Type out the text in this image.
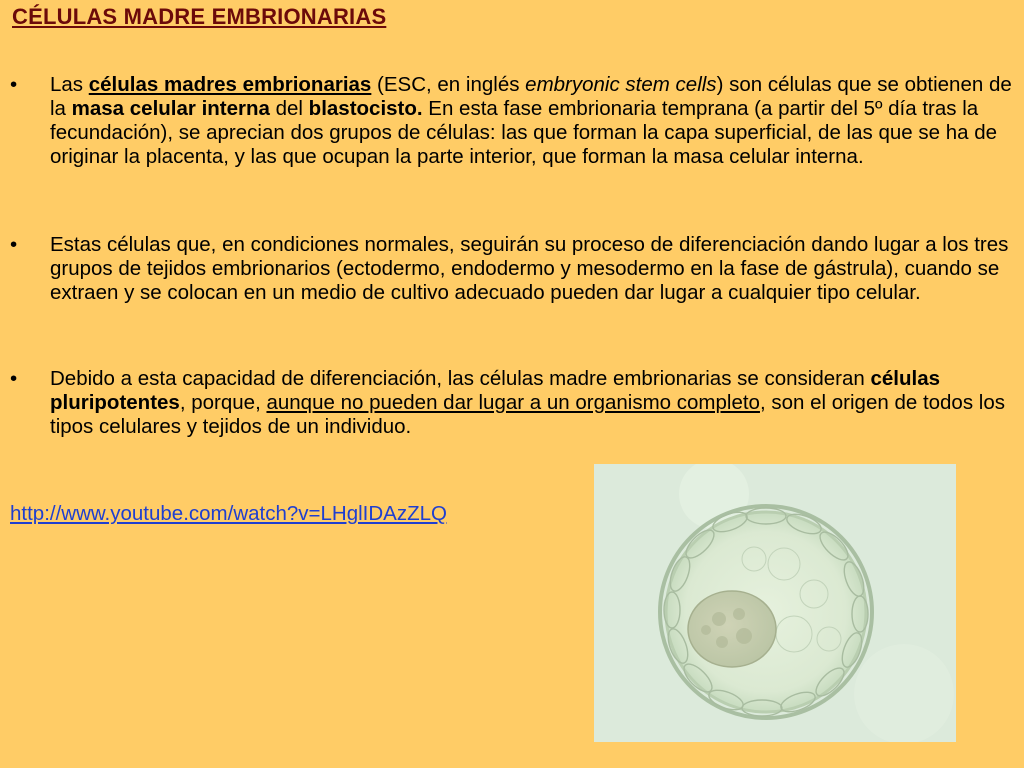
CÉLULAS MADRE EMBRIONARIAS
•	Las células madres embrionarias (ESC, en inglés embryonic stem cells) son células que se obtienen de la masa celular interna del blastocisto. En esta fase embrionaria temprana (a partir del 5º día tras la fecundación), se aprecian dos grupos de células: las que forman la capa superficial, de las que se ha de originar la placenta, y las que ocupan la parte interior, que forman la masa celular interna.
•	Estas células que, en condiciones normales, seguirán su proceso de diferenciación dando lugar a los tres grupos de tejidos embrionarios (ectodermo, endodermo y mesodermo en la fase de gástrula), cuando se extraen y se colocan en un medio de cultivo adecuado pueden dar lugar a cualquier tipo celular.
•	Debido a esta capacidad de diferenciación, las células madre embrionarias se consideran células pluripotentes, porque, aunque no pueden dar lugar a un organismo completo, son el origen de todos los tipos celulares y tejidos de un individuo.
http://www.youtube.com/watch?v=LHglIDAzZLQ
